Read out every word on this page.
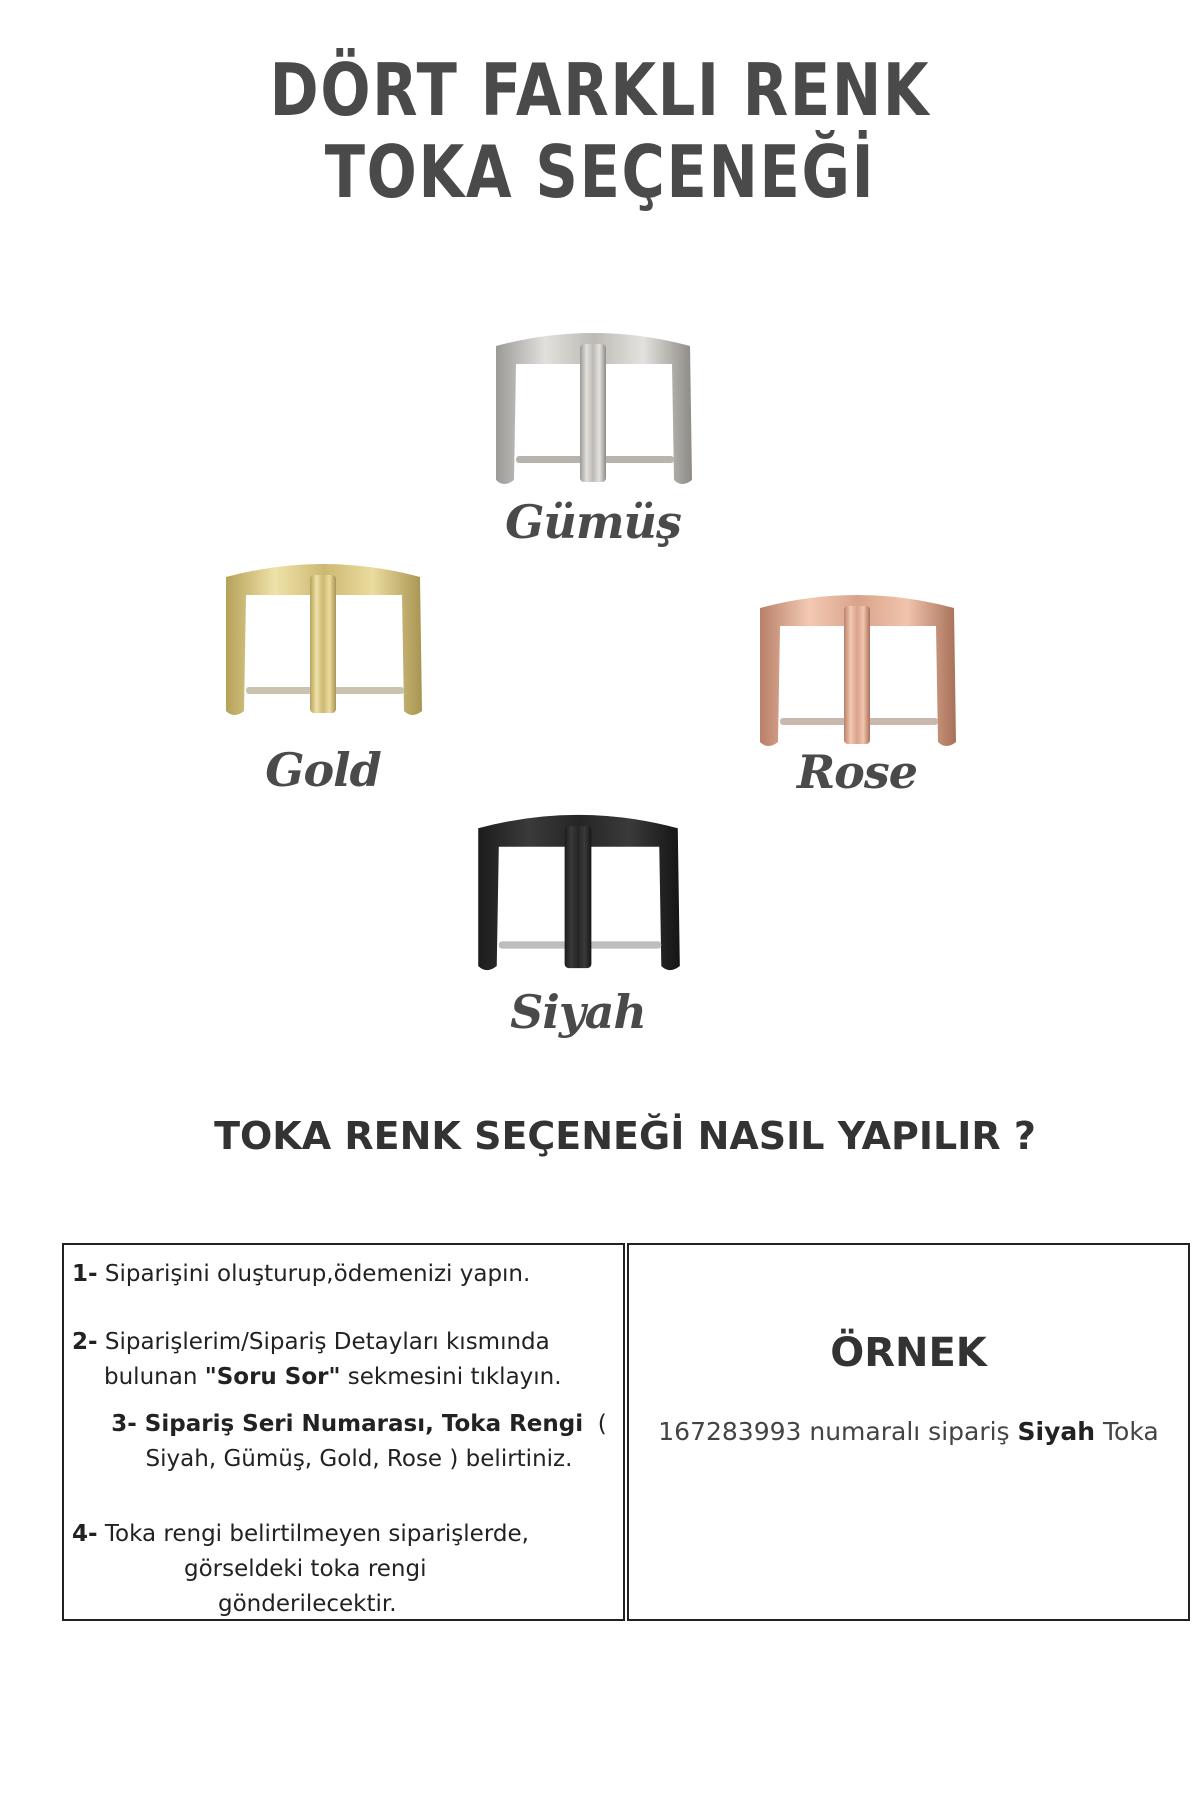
DÖRT FARKLI RENK
TOKA SEÇENEĞİ
Gümüş
Gold	Rose
Siyah
TOKA RENK SEÇENEĞİ NASIL YAPILIR ?
1- Siparişini oluşturup,ödemenizi yapın.
2- Siparişlerim/Sipariş Detayları kısmında
bulunan "Soru Sor" sekmesini tıklayın.
3- Sipariş Seri Numarası, Toka Rengi (
Siyah, Gümüş, Gold, Rose ) belirtiniz.
4- Toka rengi belirtilmeyen siparişlerde,
görseldeki toka rengi
gönderilecektir.
ÖRNEK
167283993 numaralı sipariş Siyah Toka
